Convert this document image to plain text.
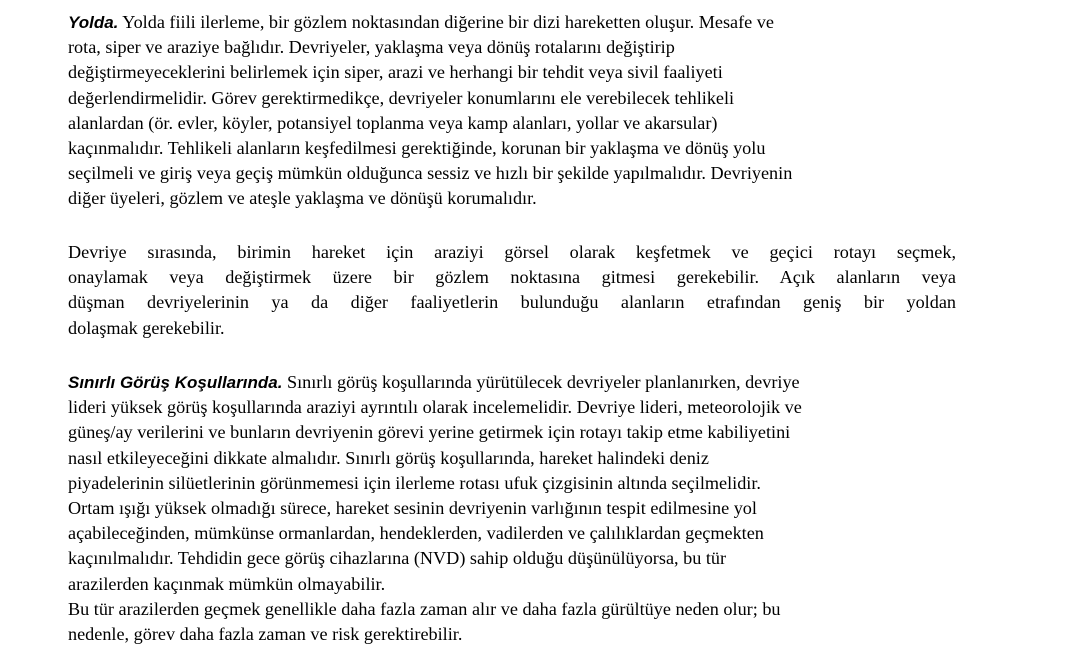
Yolda. Yolda fiili ilerleme, bir gözlem noktasından diğerine bir dizi hareketten oluşur. Mesafe ve
rota, siper ve araziye bağlıdır. Devriyeler, yaklaşma veya dönüş rotalarını değiştirip
değiştirmeyeceklerini belirlemek için siper, arazi ve herhangi bir tehdit veya sivil faaliyeti
değerlendirmelidir. Görev gerektirmedikçe, devriyeler konumlarını ele verebilecek tehlikeli
alanlardan (ör. evler, köyler, potansiyel toplanma veya kamp alanları, yollar ve akarsular)
kaçınmalıdır. Tehlikeli alanların keşfedilmesi gerektiğinde, korunan bir yaklaşma ve dönüş yolu
seçilmeli ve giriş veya geçiş mümkün olduğunca sessiz ve hızlı bir şekilde yapılmalıdır. Devriyenin
diğer üyeleri, gözlem ve ateşle yaklaşma ve dönüşü korumalıdır.
Devriye sırasında, birimin hareket için araziyi görsel olarak keşfetmek ve geçici rotayı seçmek,
onaylamak veya değiştirmek üzere bir gözlem noktasına gitmesi gerekebilir. Açık alanların veya
düşman devriyelerinin ya da diğer faaliyetlerin bulunduğu alanların etrafından geniş bir yoldan
dolaşmak gerekebilir.
Sınırlı Görüş Koşullarında. Sınırlı görüş koşullarında yürütülecek devriyeler planlanırken, devriye
lideri yüksek görüş koşullarında araziyi ayrıntılı olarak incelemelidir. Devriye lideri, meteorolojik ve
güneş/ay verilerini ve bunların devriyenin görevi yerine getirmek için rotayı takip etme kabiliyetini
nasıl etkileyeceğini dikkate almalıdır. Sınırlı görüş koşullarında, hareket halindeki deniz
piyadelerinin silüetlerinin görünmemesi için ilerleme rotası ufuk çizgisinin altında seçilmelidir.
Ortam ışığı yüksek olmadığı sürece, hareket sesinin devriyenin varlığının tespit edilmesine yol
açabileceğinden, mümkünse ormanlardan, hendeklerden, vadilerden ve çalılıklardan geçmekten
kaçınılmalıdır. Tehdidin gece görüş cihazlarına (NVD) sahip olduğu düşünülüyorsa, bu tür
arazilerden kaçınmak mümkün olmayabilir.
Bu tür arazilerden geçmek genellikle daha fazla zaman alır ve daha fazla gürültüye neden olur; bu
nedenle, görev daha fazla zaman ve risk gerektirebilir.
